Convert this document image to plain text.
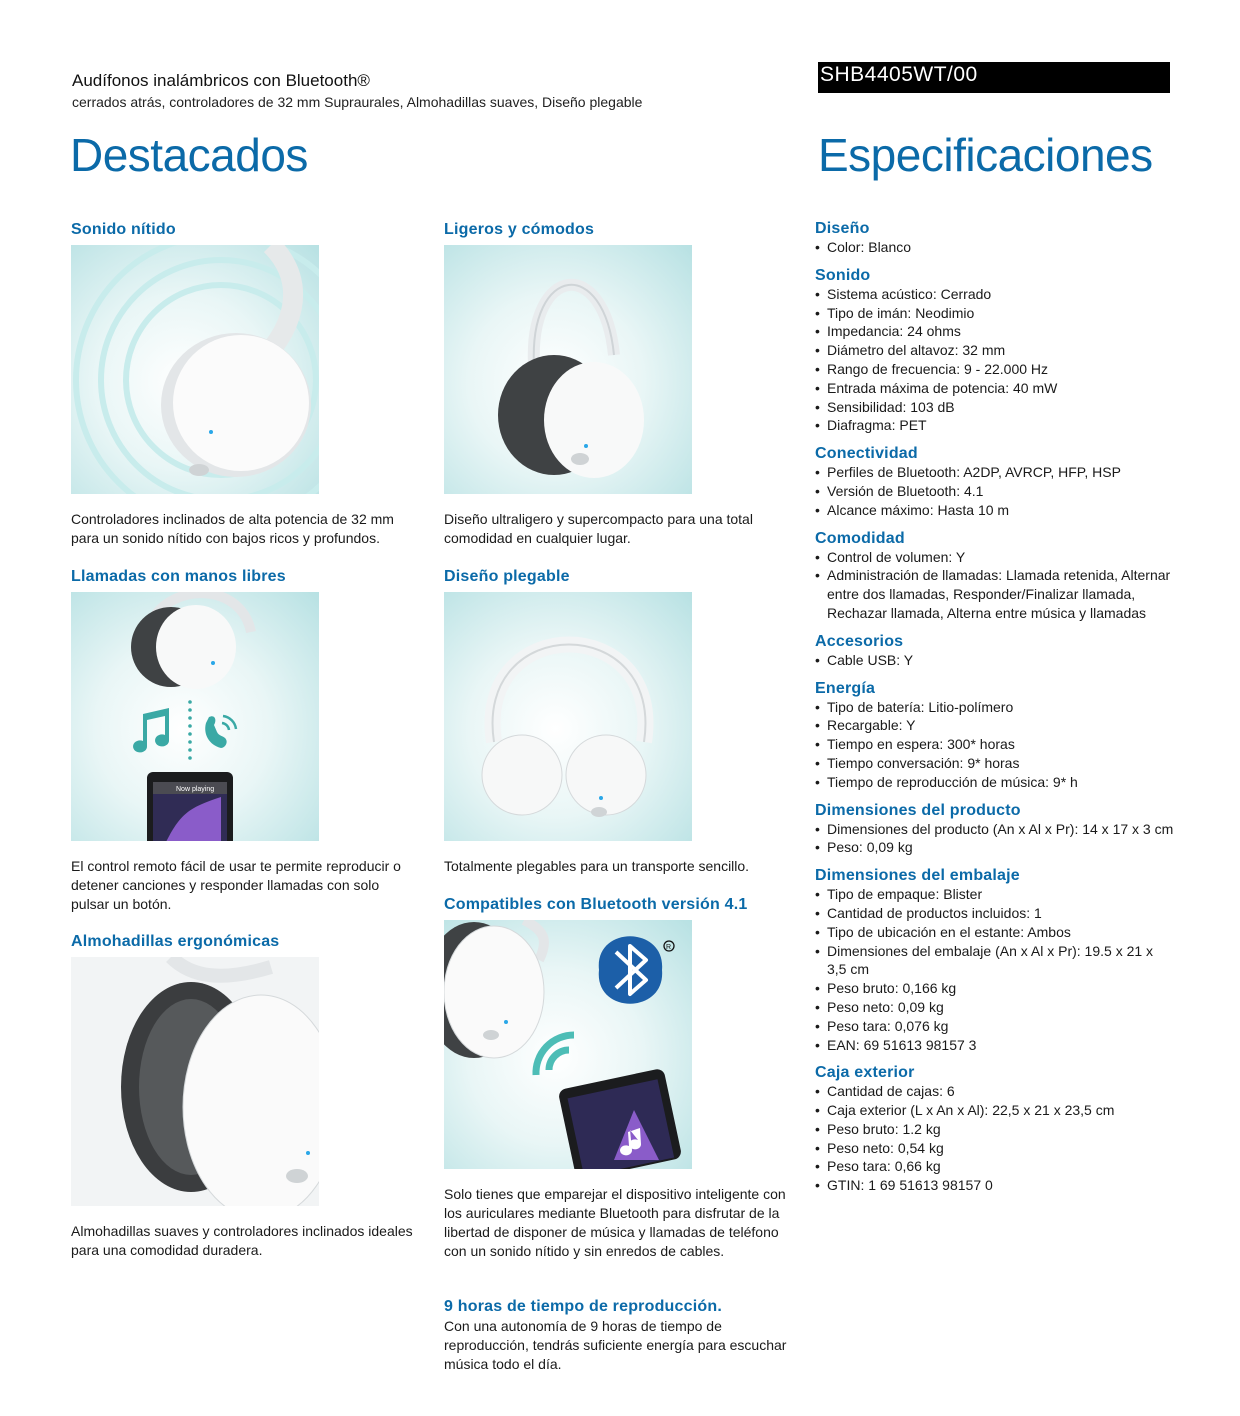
Audífonos inalámbricos con Bluetooth®
cerrados atrás, controladores de 32 mm Supraurales, Almohadillas suaves, Diseño plegable
SHB4405WT/00
Destacados	Especificaciones
Sonido nítido

Controladores inclinados de alta potencia de 32 mm para un sonido nítido con bajos ricos y profundos.

Ligeros y cómodos

Diseño ultraligero y supercompacto para una total comodidad en cualquier lugar.

Llamadas con manos libres
Now playing

El control remoto fácil de usar te permite reproducir o detener canciones y responder llamadas con solo pulsar un botón.

Diseño plegable

Totalmente plegables para un transporte sencillo.

Almohadillas ergonómicas

Almohadillas suaves y controladores inclinados ideales para una comodidad duradera.

Compatibles con Bluetooth versión 4.1
R

Solo tienes que emparejar el dispositivo inteligente con los auriculares mediante Bluetooth para disfrutar de la libertad de disponer de música y llamadas de teléfono con un sonido nítido y sin enredos de cables.

9 horas de tiempo de reproducción.

Con una autonomía de 9 horas de tiempo de reproducción, tendrás suficiente energía para escuchar música todo el día.

Diseño
• Color: Blanco
Sonido
• Sistema acústico: Cerrado
• Tipo de imán: Neodimio
• Impedancia: 24 ohms
• Diámetro del altavoz: 32 mm
• Rango de frecuencia: 9 - 22.000 Hz
• Entrada máxima de potencia: 40 mW
• Sensibilidad: 103 dB
• Diafragma: PET
Conectividad
• Perfiles de Bluetooth: A2DP, AVRCP, HFP, HSP
• Versión de Bluetooth: 4.1
• Alcance máximo: Hasta 10 m
Comodidad
• Control de volumen: Y
• Administración de llamadas: Llamada retenida, Alternar entre dos llamadas, Responder/Finalizar llamada, Rechazar llamada, Alterna entre música y llamadas
Accesorios
• Cable USB: Y
Energía
• Tipo de batería: Litio-polímero
• Recargable: Y
• Tiempo en espera: 300* horas
• Tiempo conversación: 9* horas
• Tiempo de reproducción de música: 9* h
Dimensiones del producto
• Dimensiones del producto (An x Al x Pr): 14 x 17 x 3 cm
• Peso: 0,09 kg
Dimensiones del embalaje
• Tipo de empaque: Blister
• Cantidad de productos incluidos: 1
• Tipo de ubicación en el estante: Ambos
• Dimensiones del embalaje (An x Al x Pr): 19.5 x 21 x 3,5 cm
• Peso bruto: 0,166 kg
• Peso neto: 0,09 kg
• Peso tara: 0,076 kg
• EAN: 69 51613 98157 3
Caja exterior
• Cantidad de cajas: 6
• Caja exterior (L x An x Al): 22,5 x 21 x 23,5 cm
• Peso bruto: 1.2 kg
• Peso neto: 0,54 kg
• Peso tara: 0,66 kg
• GTIN: 1 69 51613 98157 0
